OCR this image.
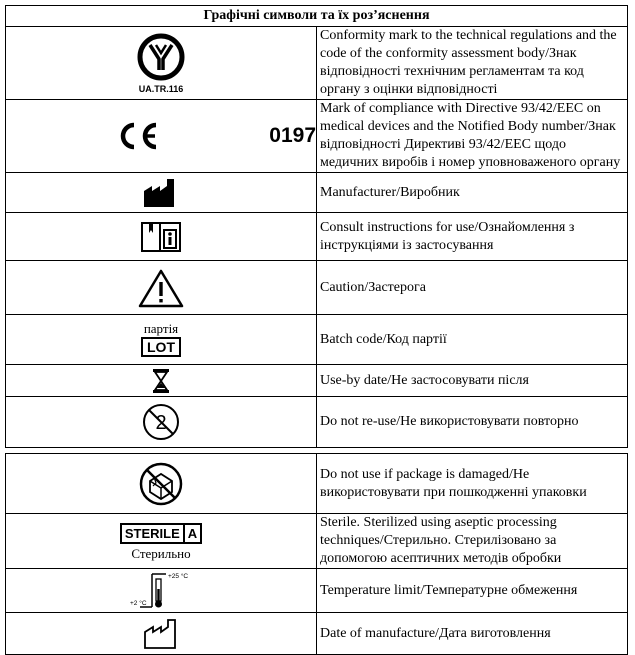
Графічні символи та їх роз’яснення	

UA.TR.116	Conformity mark to the technical regulations and the code of the conformity assessment body/Знак відповідності технічним регламентам та код органу з оцінки відповідності

0197	Mark of compliance with Directive 93/42/EEC on medical devices and the Notified Body number/Знак відповідності Директиві 93/42/EEC щодо медичних виробів і номер уповноваженого органу

	Manufacturer/Виробник

	Consult instructions for use/Ознайомлення з інструкціями із застосування

	Caution/Застерога

партія
LOT	Batch code/Код партії

	Use-by date/Не застосовувати після

2	Do not re-use/Не використовувати повторно

	Do not use if package is damaged/Не використовувати при пошкодженні упаковки

STERILE A
Стерильно	Sterile. Sterilized using aseptic processing techniques/Стерильно. Стерилізовано за допомогою асептичних методів обробки

+25 °C
+2 °C	Temperature limit/Температурне обмеження

	Date of manufacture/Дата виготовлення
